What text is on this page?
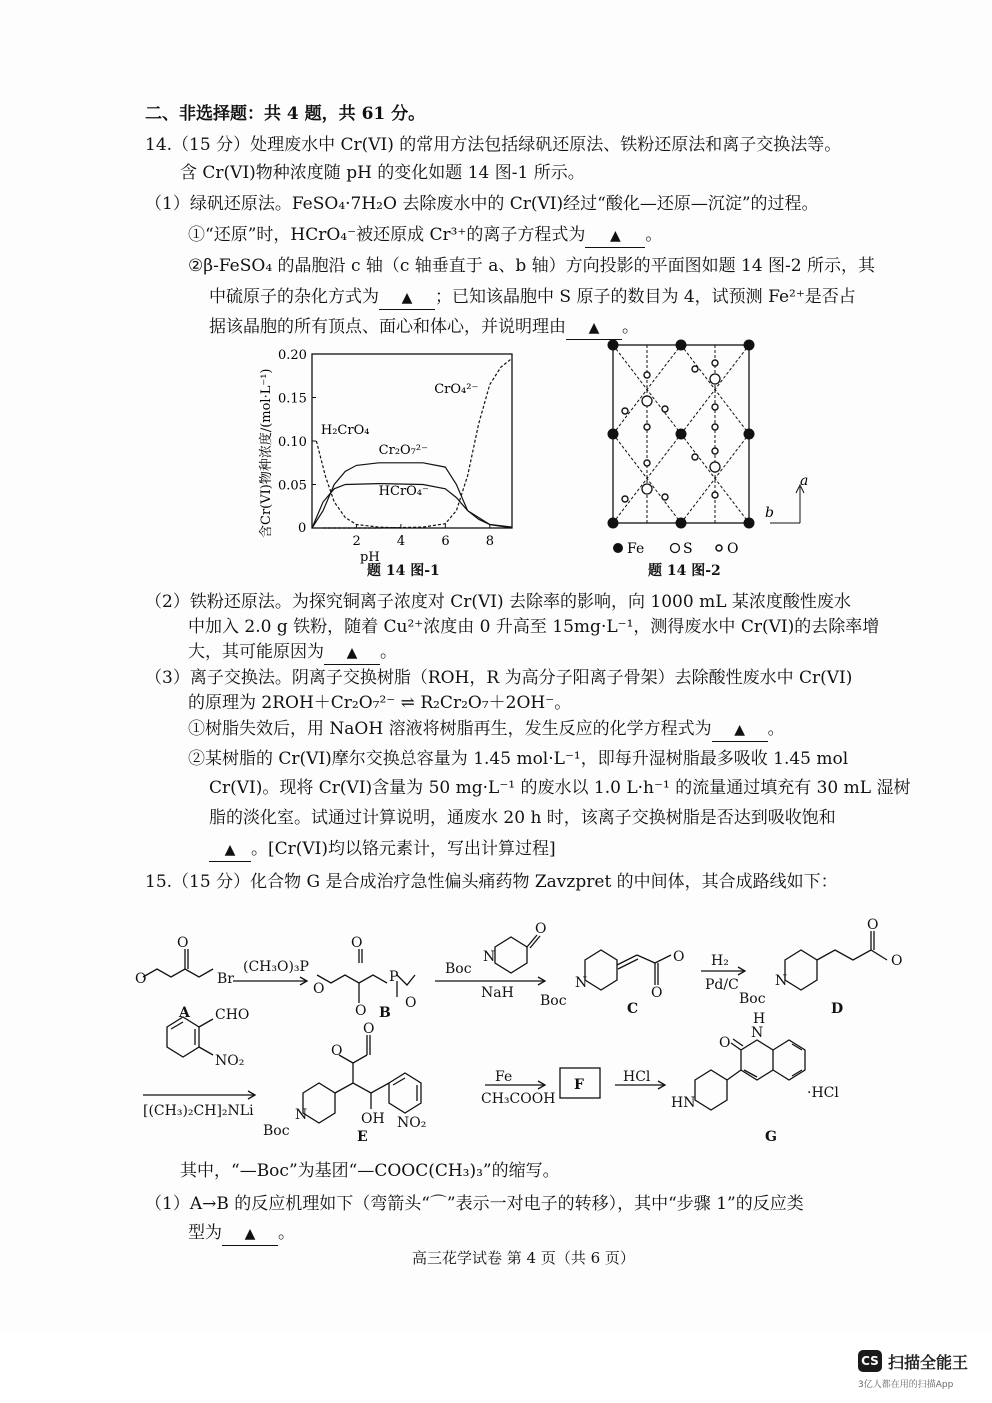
二、非选择题：共 4 题，共 61 分。
14.（15 分）处理废水中 Cr(VI) 的常用方法包括绿矾还原法、铁粉还原法和离子交换法等。
含 Cr(VI)物种浓度随 pH 的变化如题 14 图-1 所示。
（1）绿矾还原法。FeSO₄·7H₂O 去除废水中的 Cr(VI)经过“酸化—还原—沉淀”的过程。
①“还原”时，HCrO₄⁻被还原成 Cr³⁺的离子方程式为 ▲ 。
②β-FeSO₄ 的晶胞沿 c 轴（c 轴垂直于 a、b 轴）方向投影的平面图如题 14 图-2 所示，其
中硫原子的杂化方式为 ▲ ；已知该晶胞中 S 原子的数目为 4，试预测 Fe²⁺是否占
据该晶胞的所有顶点、面心和体心，并说明理由 ▲ 。
2	4	6	8
0
0.05
0.10
0.15
0.20
pH
含Cr(VI)物种浓度/(mol·L⁻¹)	H₂CrO₄
Cr₂O₇²⁻
HCrO₄⁻
CrO₄²⁻
题 14 图-1
a
b
Fe	S O
题 14 图-2
（2）铁粉还原法。为探究铜离子浓度对 Cr(VI) 去除率的影响，向 1000 mL 某浓度酸性废水
中加入 2.0 g 铁粉，随着 Cu²⁺浓度由 0 升高至 15mg·L⁻¹，测得废水中 Cr(VI)的去除率增
大，其可能原因为 ▲ 。
（3）离子交换法。阴离子交换树脂（ROH，R 为高分子阳离子骨架）去除酸性废水中 Cr(VI)
的原理为 2ROH＋Cr₂O₇²⁻ ⇌ R₂Cr₂O₇＋2OH⁻。
①树脂失效后，用 NaOH 溶液将树脂再生，发生反应的化学方程式为 ▲ 。
②某树脂的 Cr(VI)摩尔交换总容量为 1.45 mol·L⁻¹，即每升湿树脂最多吸收 1.45 mol
Cr(VI)。现将 Cr(VI)含量为 50 mg·L⁻¹ 的废水以 1.0 L·h⁻¹ 的流量通过填充有 30 mL 湿树
脂的淡化室。试通过计算说明，通废水 20 h 时，该离子交换树脂是否达到吸收饱和
▲ 。[Cr(VI)均以铬元素计，写出计算过程]
15.（15 分）化合物 G 是合成治疗急性偏头痛药物 Zavzpret 的中间体，其合成路线如下：
O
O	Br
(CH₃O)₃P
A
O
O
O
P
O
B
O
Boc
N
NaH Boc
N
O
O
C
H₂
Pd/C
Boc
N
O
O
D
CHO
NO₂
[(CH₃)₂CH]₂NLi
O
O
OH NO₂
Boc
N
E
Fe
CH₃COOH
F	HCl
HN
O
N
H
·HCl
G
其中，“—Boc”为基团“—COOC(CH₃)₃”的缩写。
（1）A→B 的反应机理如下（弯箭头“⌒”表示一对电子的转移），其中“步骤 1”的反应类
型为 ▲ 。
高三花学试卷 第 4 页（共 6 页）
CS 扫描全能王
3亿人都在用的扫描App
